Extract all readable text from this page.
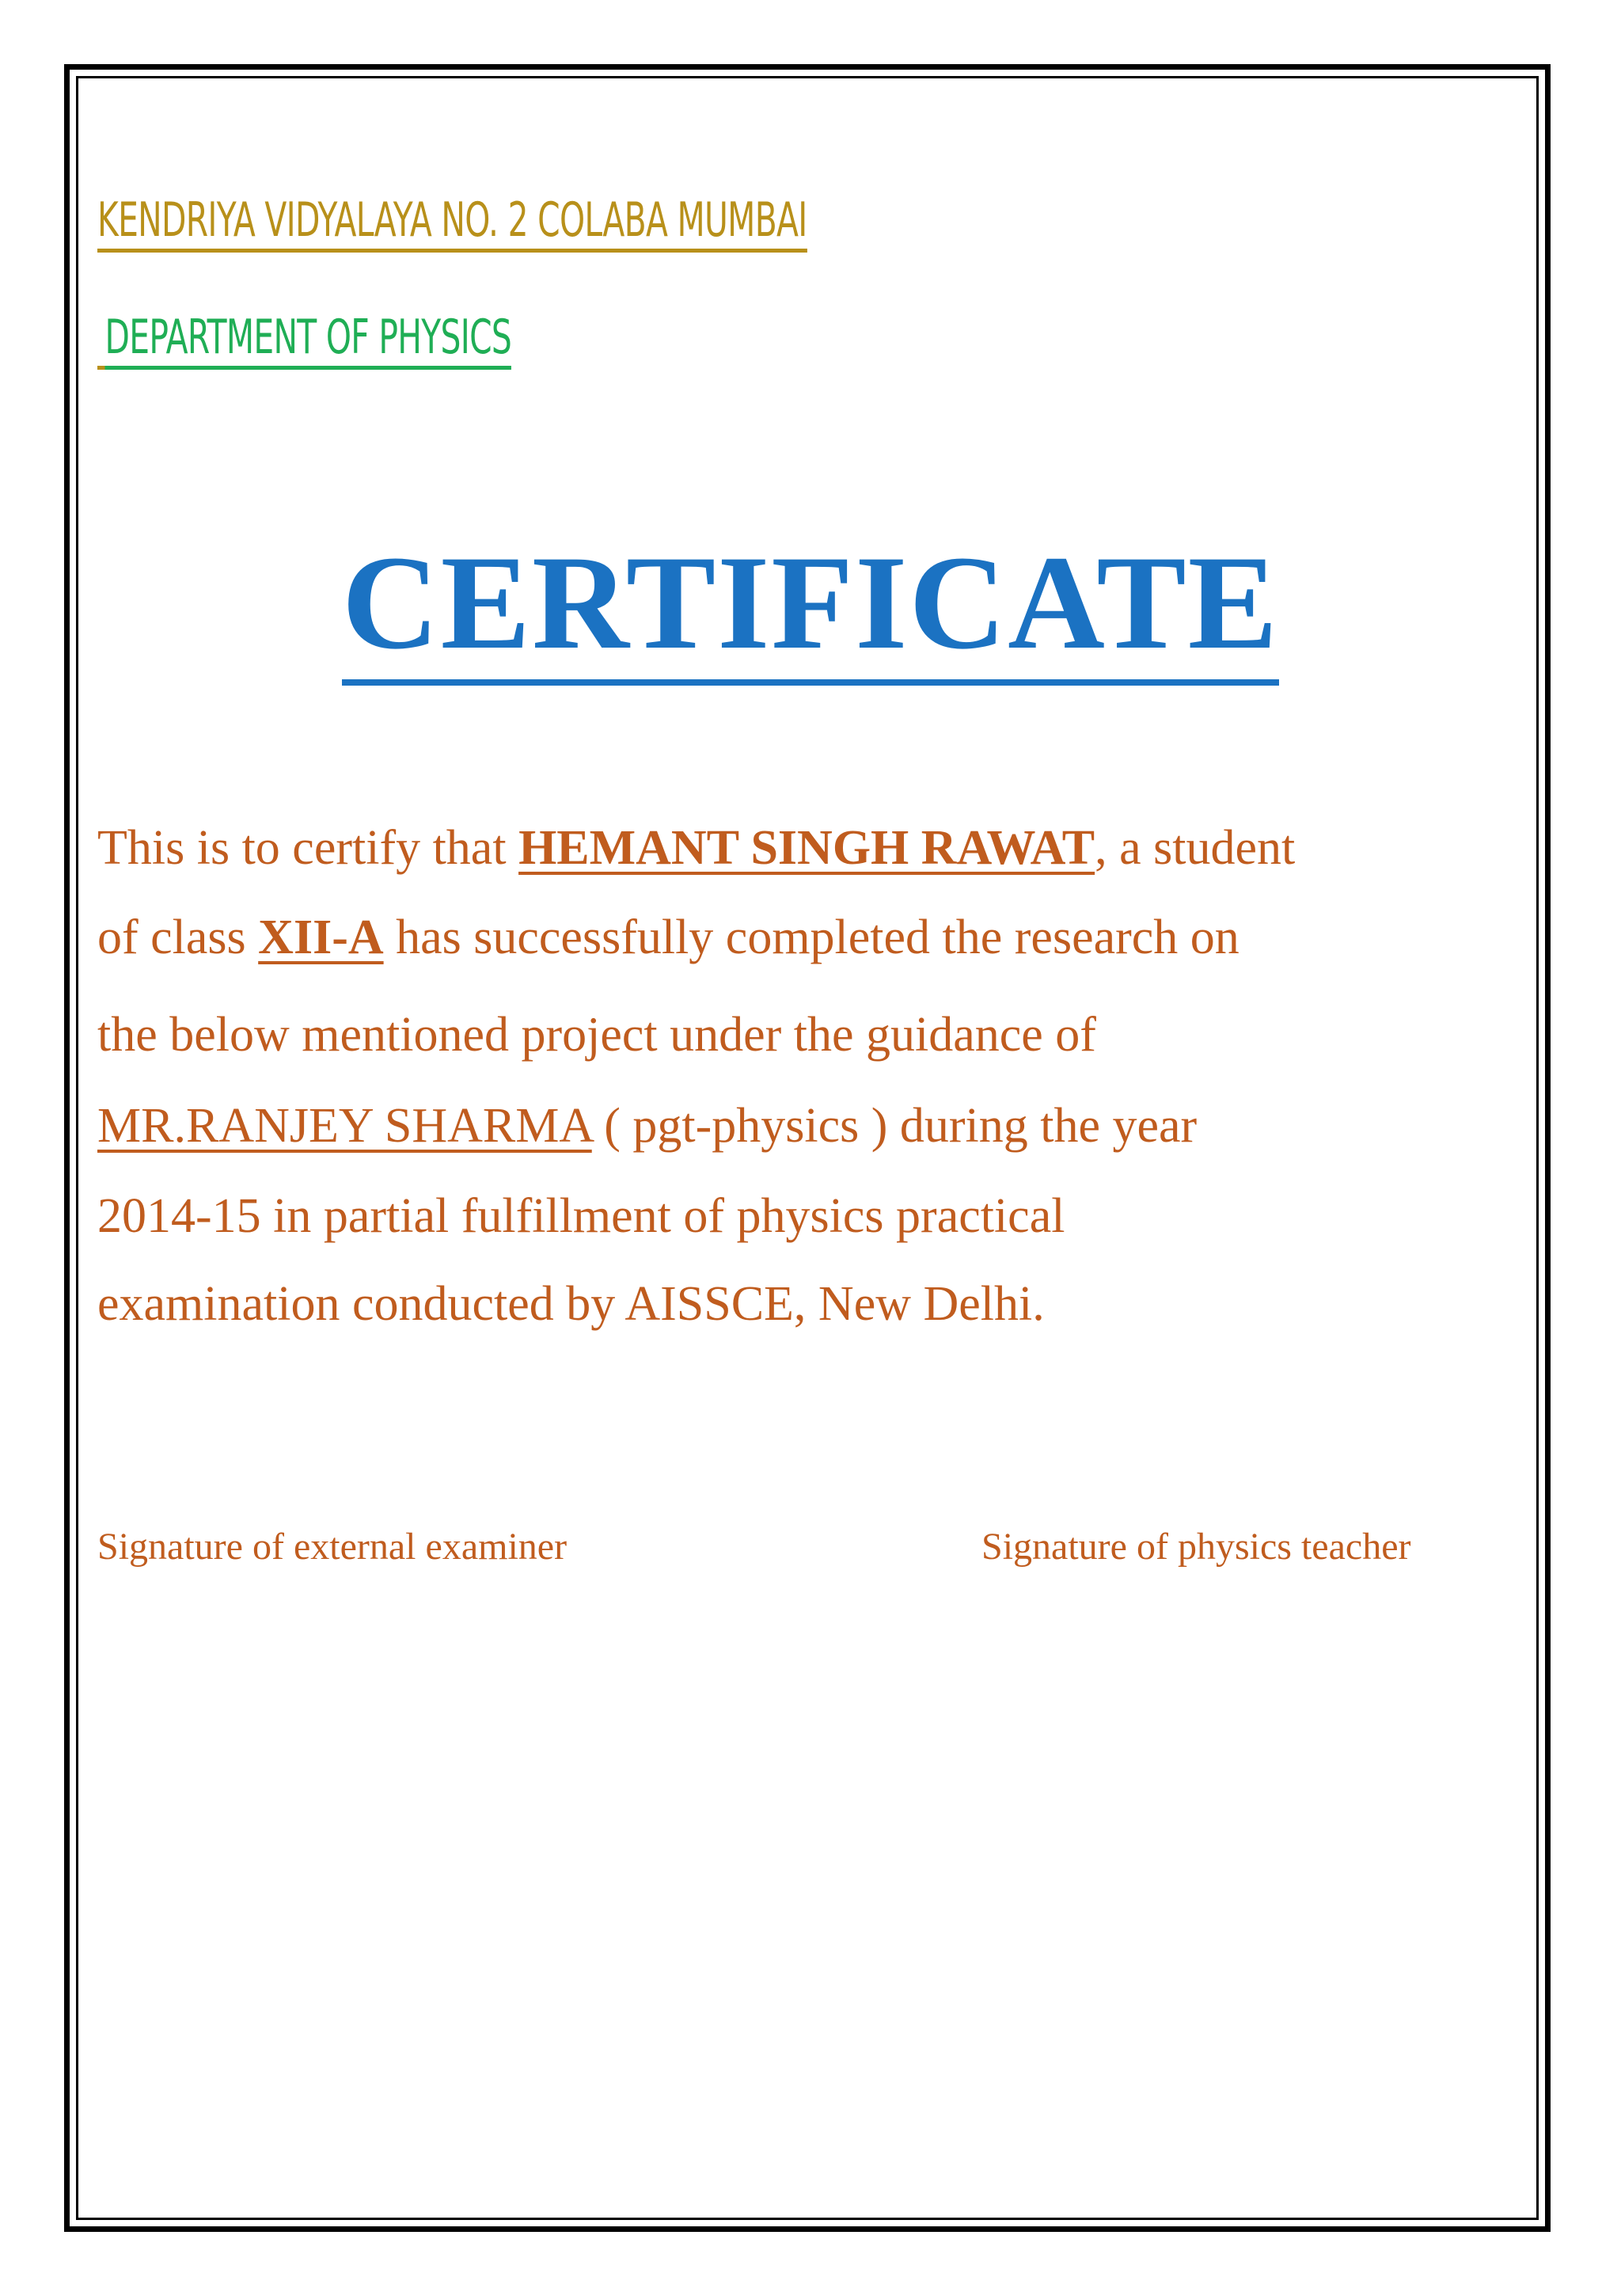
KENDRIYA VIDYALAYA NO. 2 COLABA MUMBAI
DEPARTMENT OF PHYSICS
CERTIFICATE
This is to certify that HEMANT SINGH RAWAT, a student
of class XII-A has successfully completed the research on
the below mentioned project under the guidance of
MR.RANJEY SHARMA ( pgt-physics ) during the year
2014-15 in partial fulfillment of physics practical
examination conducted by AISSCE, New Delhi.
Signature of external examiner	Signature of physics teacher
